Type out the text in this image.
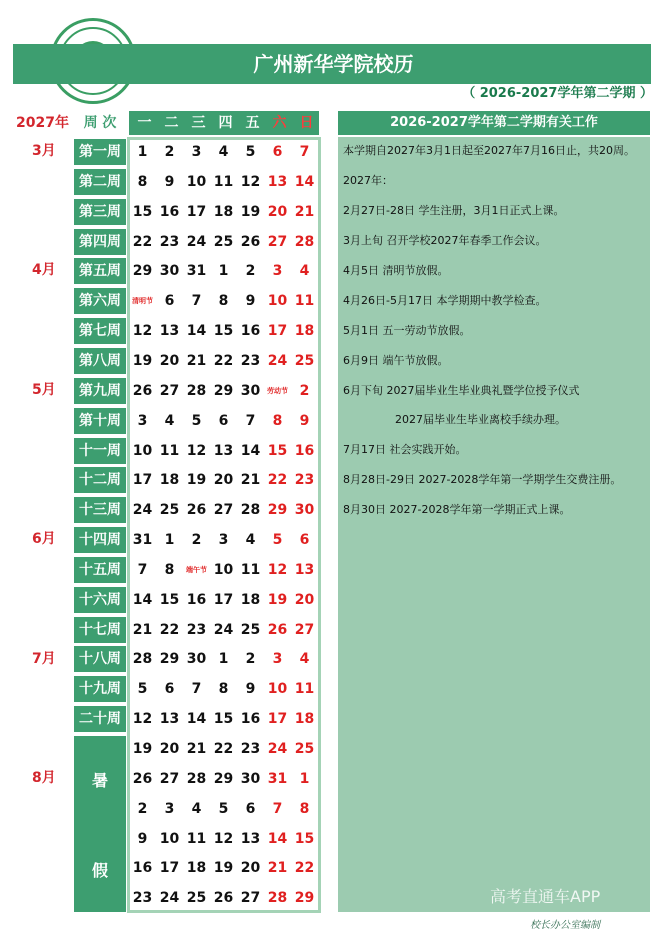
广州新华学院校历
（ 2026-2027学年第二学期 ）
2027年	周 次	一 二 三 四 五 六 日
3月
4月
5月
6月
7月
8月	暑
假
第一周	1	2	3	4	5	6	7
第二周	8	9 10 11 12 13 14
第三周 15 16 17 18 19 20 21
第四周 22 23 24 25 26 27 28
第五周 29 30 31 1	2	3	4
第六周	清明节 6	7	8	9 10 11
第七周 12 13 14 15 16 17 18
第八周 19 20 21 22 23 24 25
第九周 26 27 28 29 30 劳动节 2
第十周	3	4	5	6	7	8	9
十一周 10 11 12 13 14 15 16
十二周 17 18 19 20 21 22 23
十三周 24 25 26 27 28 29 30
十四周 31 1	2	3	4	5	6
十五周	7	8	端午节 10 11 12 13
十六周 14 15 16 17 18 19 20
十七周 21 22 23 24 25 26 27
十八周 28 29 30 1	2	3	4
十九周	5	6	7	8	9 10 11
二十周 12 13 14 15 16 17 18
19 20 21 22 23 24 25
26 27 28 29 30 31 1
2	3	4	5	6	7	8
9 10 11 12 13 14 15
16 17 18 19 20 21 22
23 24 25 26 27 28 29
2026-2027学年第二学期有关工作
本学期自2027年3月1日起至2027年7月16日止，共20周。
2027年：
2月27日-28日 学生注册，3月1日正式上课。
3月上旬 召开学校2027年春季工作会议。
4月5日 清明节放假。
4月26日-5月17日 本学期期中教学检查。
5月1日 五一劳动节放假。
6月9日 端午节放假。
6月下旬 2027届毕业生毕业典礼暨学位授予仪式
2027届毕业生毕业离校手续办理。
7月17日 社会实践开始。
8月28日-29日 2027-2028学年第一学期学生交费注册。
8月30日 2027-2028学年第一学期正式上课。
高考直通车APP
校长办公室编制
